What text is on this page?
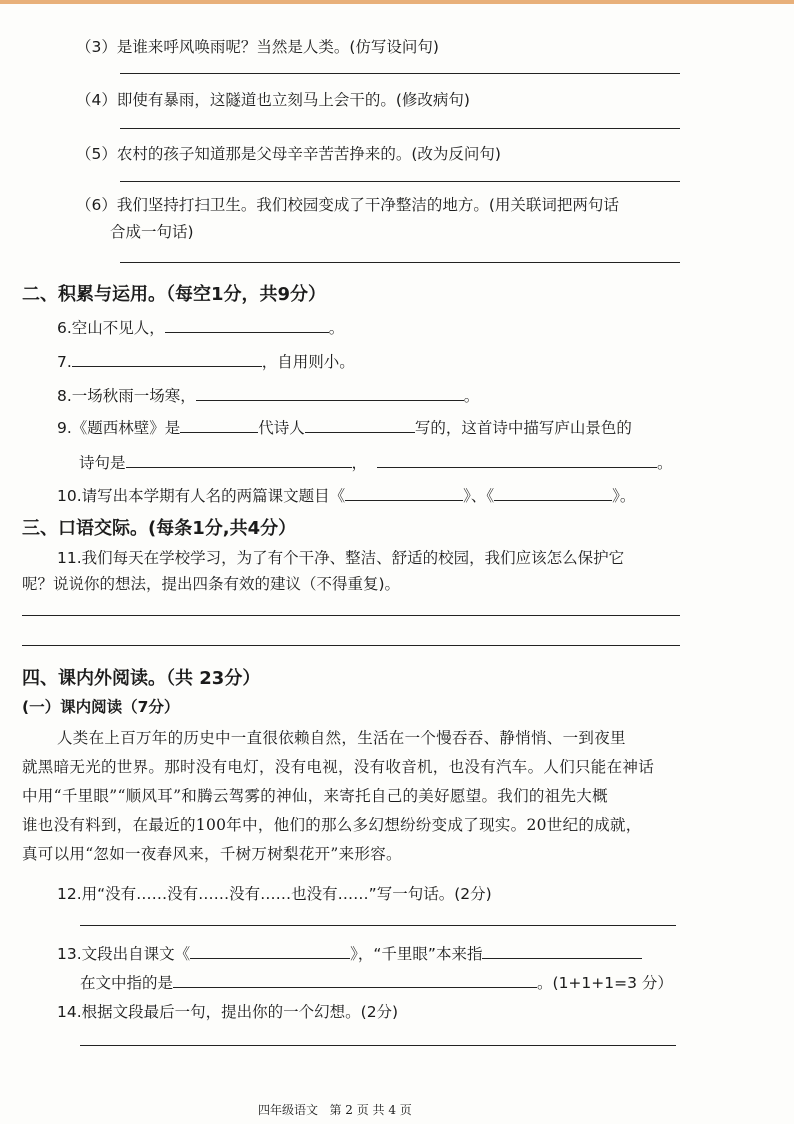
（3）是谁来呼风唤雨呢？当然是人类。(仿写设问句)
（4）即使有暴雨，这隧道也立刻马上会干的。(修改病句)
（5）农村的孩子知道那是父母辛辛苦苦挣来的。(改为反问句)
（6）我们坚持打扫卫生。我们校园变成了干净整洁的地方。(用关联词把两句话
合成一句话)
二、积累与运用。（每空1分，共9分）
6.空山不见人，	。
7.	，自用则小。
8.一场秋雨一场寒，	。
9.《题西林壁》是	代诗人	写的，这首诗中描写庐山景色的
诗句是	，	。
10.请写出本学期有人名的两篇课文题目《	》、《	》。
三、口语交际。(每条1分,共4分）
11.我们每天在学校学习，为了有个干净、整洁、舒适的校园，我们应该怎么保护它
呢？说说你的想法，提出四条有效的建议（不得重复)。
四、课内外阅读。（共 23分）
(一）课内阅读（7分）
人类在上百万年的历史中一直很依赖自然，生活在一个慢吞吞、静悄悄、一到夜里
就黑暗无光的世界。那时没有电灯，没有电视，没有收音机，也没有汽车。人们只能在神话
中用“千里眼”“顺风耳”和腾云驾雾的神仙，来寄托自己的美好愿望。我们的祖先大概
谁也没有料到，在最近的100年中，他们的那么多幻想纷纷变成了现实。20世纪的成就，
真可以用“忽如一夜春风来，千树万树梨花开”来形容。
12.用“没有……没有……没有……也没有……”写一句话。(2分)
13.文段出自课文《	》，“千里眼”本来指
在文中指的是	。(1+1+1=3 分）
14.根据文段最后一句，提出你的一个幻想。(2分)
四年级语文   第 2 页 共 4 页
